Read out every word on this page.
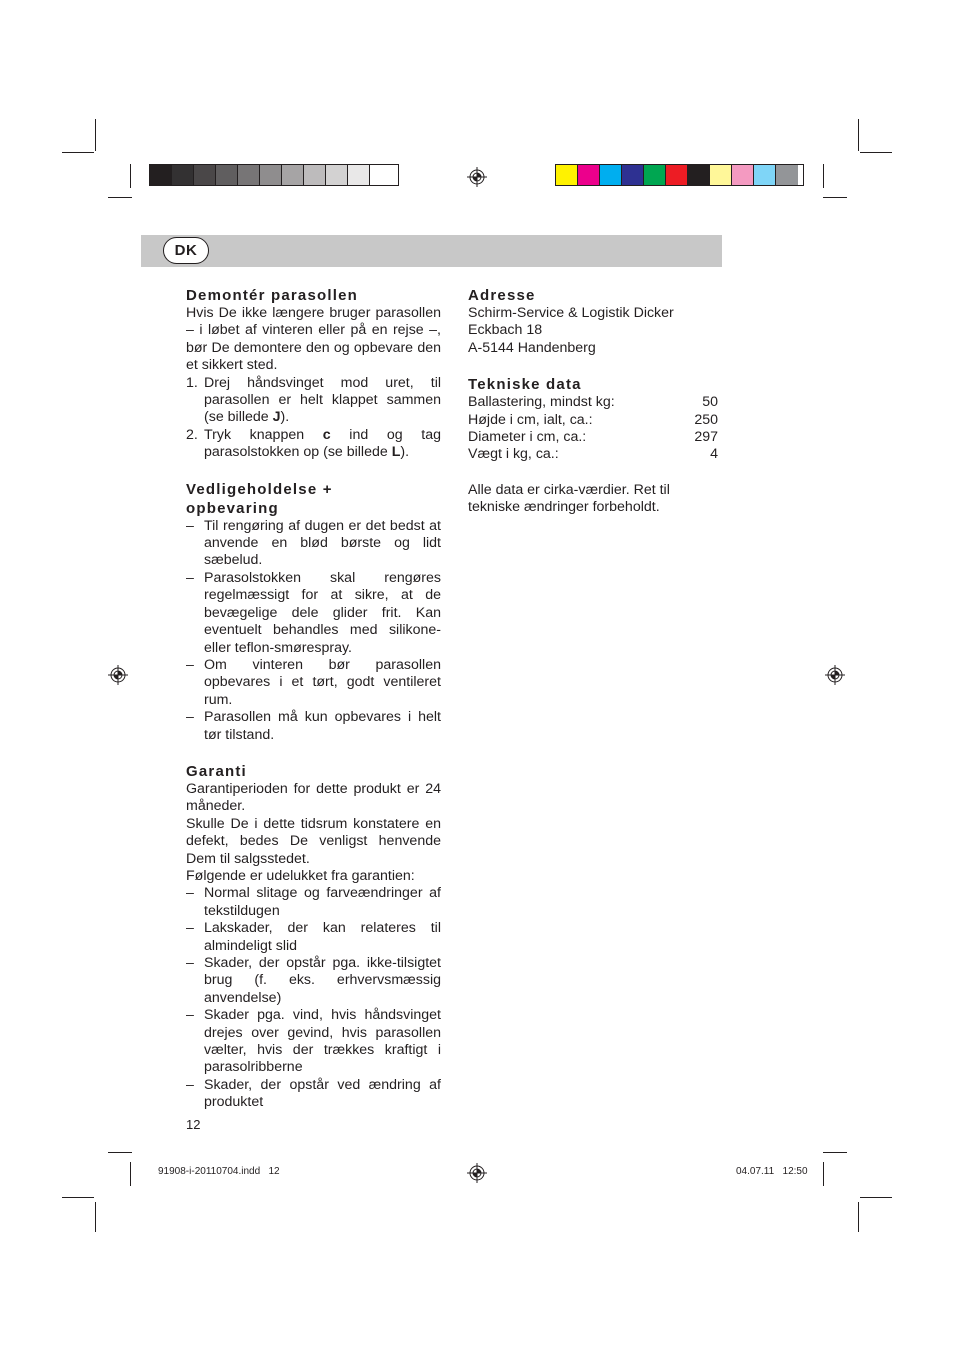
DK
Demontér parasollen

Hvis De ikke længere bruger parasollen – i løbet af vinteren eller på en rejse –, bør De demontere den og opbevare den et sikkert sted.

1. Drej håndsvinget mod uret, til parasollen er helt klappet sammen (se billede J).
2. Tryk knappen c ind og tag parasolstokken op (se billede L).
Vedligeholdelse + opbevaring
– Til rengøring af dugen er det bedst at anvende en blød børste og lidt sæbelud.
– Parasolstokken skal rengøres regelmæssigt for at sikre, at de bevægelige dele glider frit. Kan eventuelt behandles med silikone- eller teflon-smørespray.
– Om vinteren bør parasollen opbevares i et tørt, godt ventileret rum.
– Parasollen må kun opbevares i helt tør tilstand.
Garanti

Garantiperioden for dette produkt er 24 måneder.

Skulle De i dette tidsrum konstatere en defekt, bedes De venligst henvende Dem til salgsstedet.

Følgende er udelukket fra garantien:

– Normal slitage og farveændringer af tekstildugen
– Lakskader, der kan relateres til almindeligt slid
– Skader, der opstår pga. ikke-tilsigtet brug (f. eks. erhvervsmæssig anvendelse)
– Skader pga. vind, hvis håndsvinget drejes over gevind, hvis parasollen vælter, hvis der trækkes kraftigt i parasolribberne
– Skader, der opstår ved ændring af produktet
Adresse

Schirm-Service & Logistik Dicker

Eckbach 18

A-5144 Handenberg

Tekniske data
Ballastering, mindst kg:	50
Højde i cm, ialt, ca.:	250
Diameter i cm, ca.:	297
Vægt i kg, ca.:	4

Alle data er cirka-værdier. Ret til tekniske ændringer forbeholdt.

12
91908-i-20110704.indd   12	04.07.11   12:50
